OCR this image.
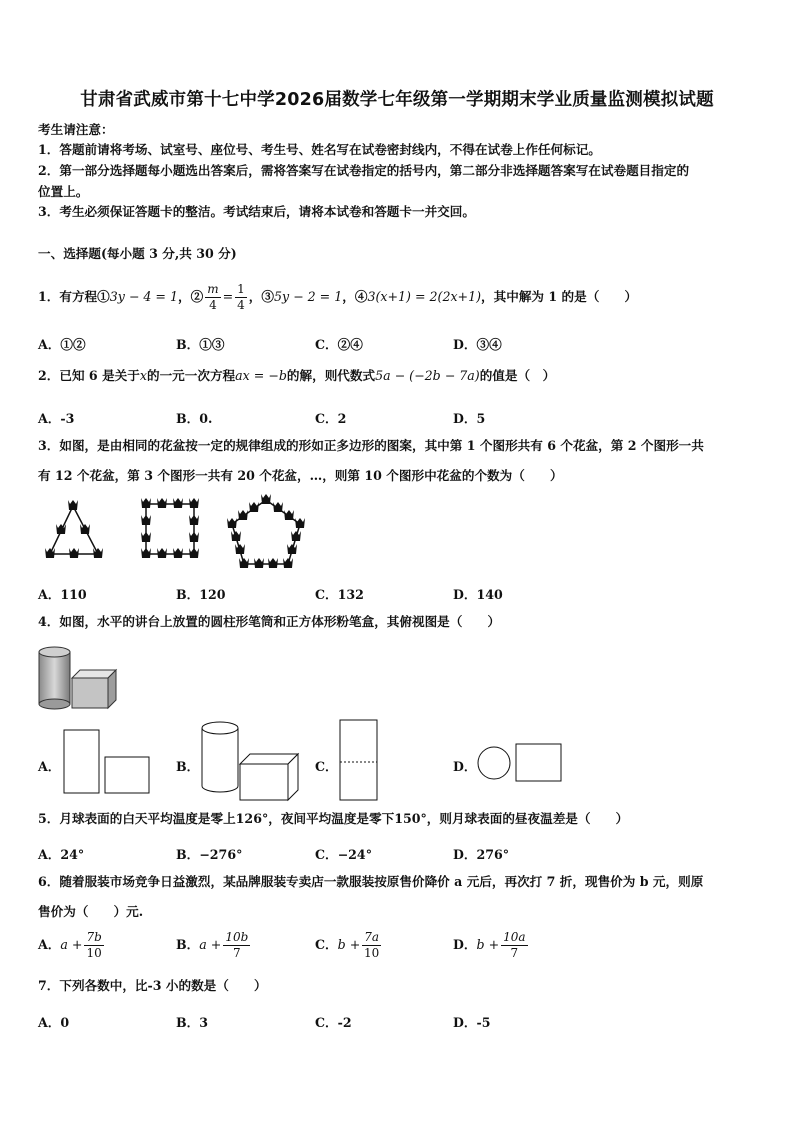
甘肃省武威市第十七中学2026届数学七年级第一学期期末学业质量监测模拟试题
考生请注意：
1．答题前请将考场、试室号、座位号、考生号、姓名写在试卷密封线内，不得在试卷上作任何标记。
2．第一部分选择题每小题选出答案后，需将答案写在试卷指定的括号内，第二部分非选择题答案写在试卷题目指定的
位置上。
3．考生必须保证答题卡的整洁。考试结束后，请将本试卷和答题卡一并交回。
一、选择题(每小题 3 分,共 30 分)
1．有方程①3y − 4 = 1，② $\frac{m}{4} = \frac{1}{4}$ ，③5y − 2 = 1，④3(x+1) = 2(2x+1)，其中解为 1 的是（　　）
A．①②	B．①③	C．②④	D．③④
2．已知 6 是关于x的一元一次方程ax = −b的解，则代数式5a − (−2b − 7a)的值是（　）
A．-3	B．0.	C．2	D．5
3．如图，是由相同的花盆按一定的规律组成的形如正多边形的图案，其中第 1 个图形共有 6 个花盆，第 2 个图形一共
有 12 个花盆，第 3 个图形一共有 20 个花盆，…，则第 10 个图形中花盆的个数为（　　）
A．110	B．120	C．132	D．140
4．如图，水平的讲台上放置的圆柱形笔筒和正方体形粉笔盒，其俯视图是（　　）
A．	B．	C．	D．
5．月球表面的白天平均温度是零上126°，夜间平均温度是零下150°，则月球表面的昼夜温差是（　　）
A．24°	B．−276°	C．−24°	D．276°
6．随着服装市场竞争日益激烈，某品牌服装专卖店一款服装按原售价降价 a 元后，再次打 7 折，现售价为 b 元，则原
售价为（　　）元.
A．$a + \frac{7b}{10}$	B．$a + \frac{10b}{7}$	C．$b + \frac{7a}{10}$	D．$b + \frac{10a}{7}$
7．下列各数中，比-3 小的数是（　　）
A．0	B．3	C．-2	D．-5
